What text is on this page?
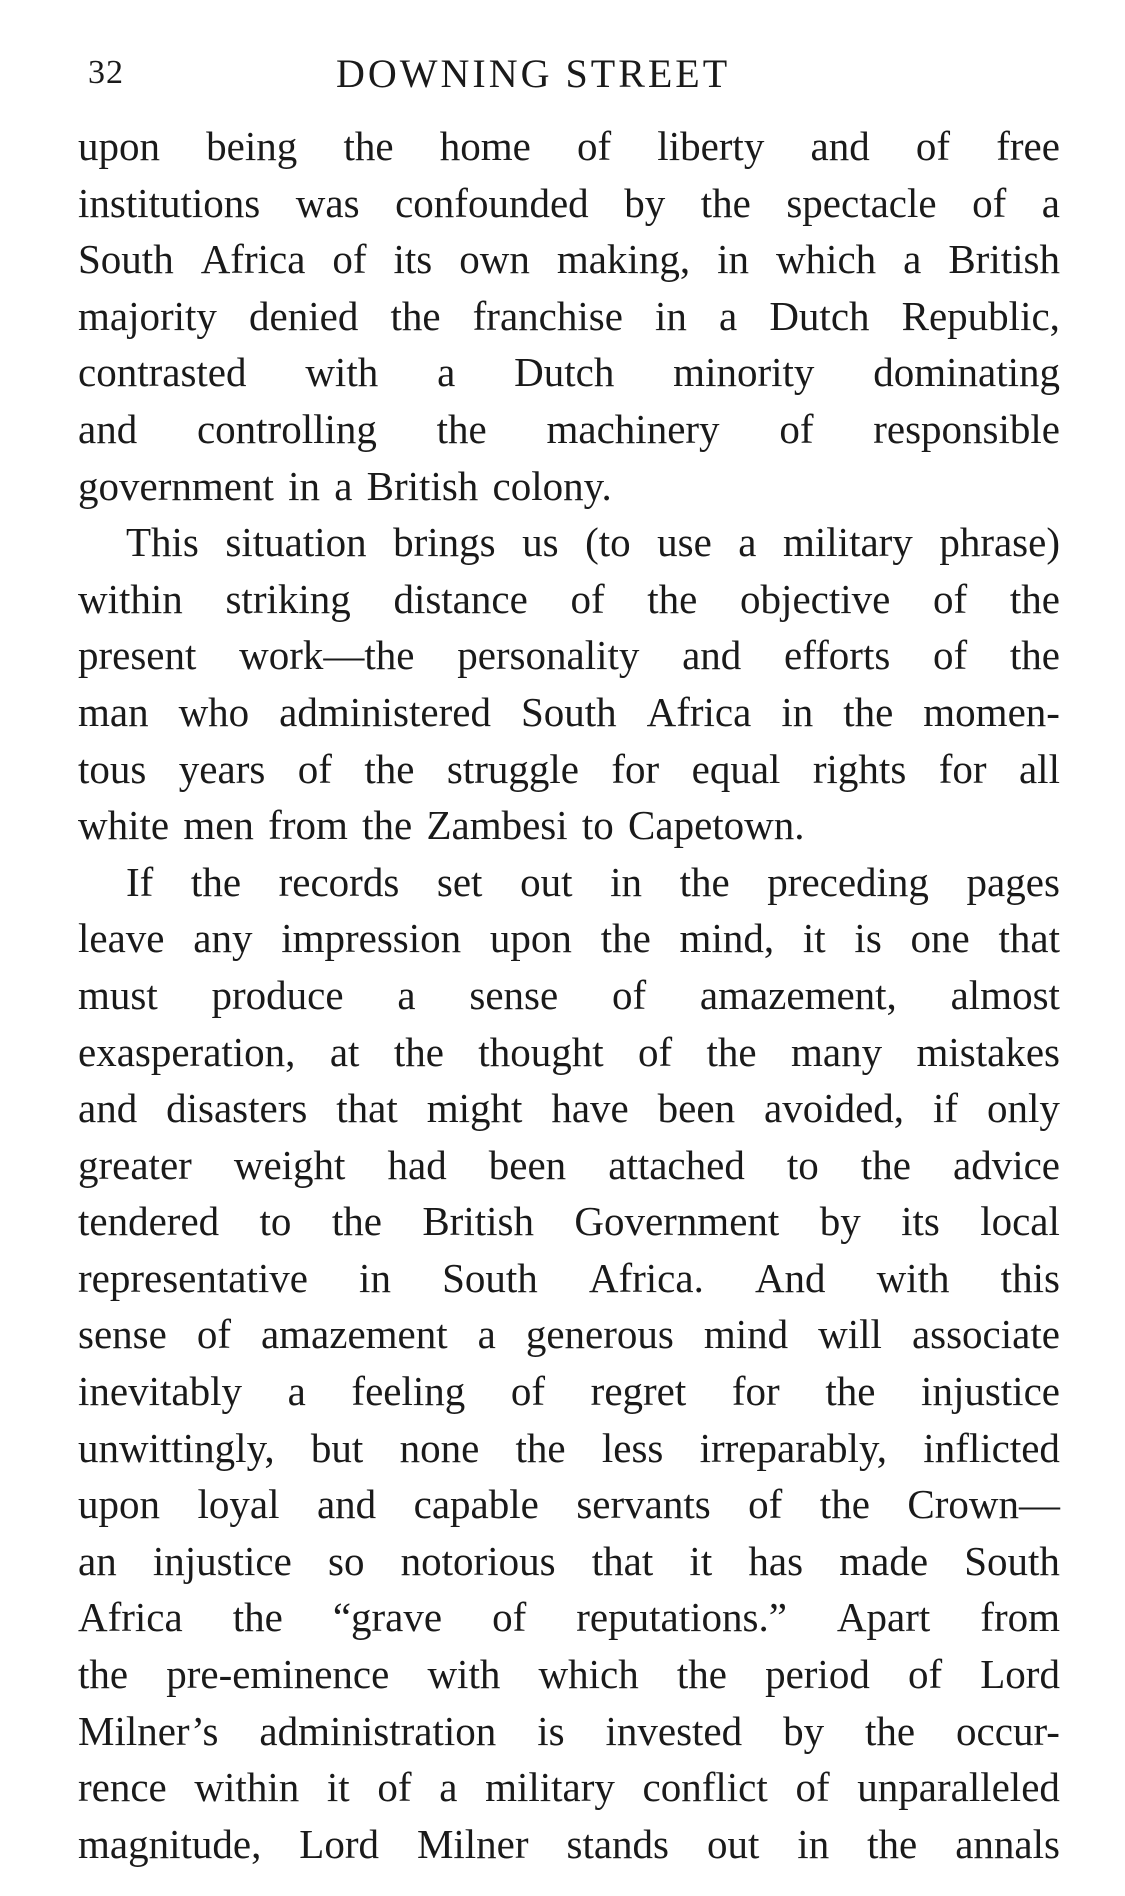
32	DOWNING STREET
upon being the home of liberty and of free
institutions was confounded by the spectacle of a
South Africa of its own making, in which a British
majority denied the franchise in a Dutch Republic,
contrasted with a Dutch minority dominating
and controlling the machinery of responsible
government in a British colony.
This situation brings us (to use a military phrase)
within striking distance of the objective of the
present work—the personality and efforts of the
man who administered South Africa in the momen-
tous years of the struggle for equal rights for all
white men from the Zambesi to Capetown.
If the records set out in the preceding pages
leave any impression upon the mind, it is one that
must produce a sense of amazement, almost
exasperation, at the thought of the many mistakes
and disasters that might have been avoided, if only
greater weight had been attached to the advice
tendered to the British Government by its local
representative in South Africa. And with this
sense of amazement a generous mind will associate
inevitably a feeling of regret for the injustice
unwittingly, but none the less irreparably, inflicted
upon loyal and capable servants of the Crown—
an injustice so notorious that it has made South
Africa the “grave of reputations.” Apart from
the pre-eminence with which the period of Lord
Milner’s administration is invested by the occur-
rence within it of a military conflict of unparalleled
magnitude, Lord Milner stands out in the annals
